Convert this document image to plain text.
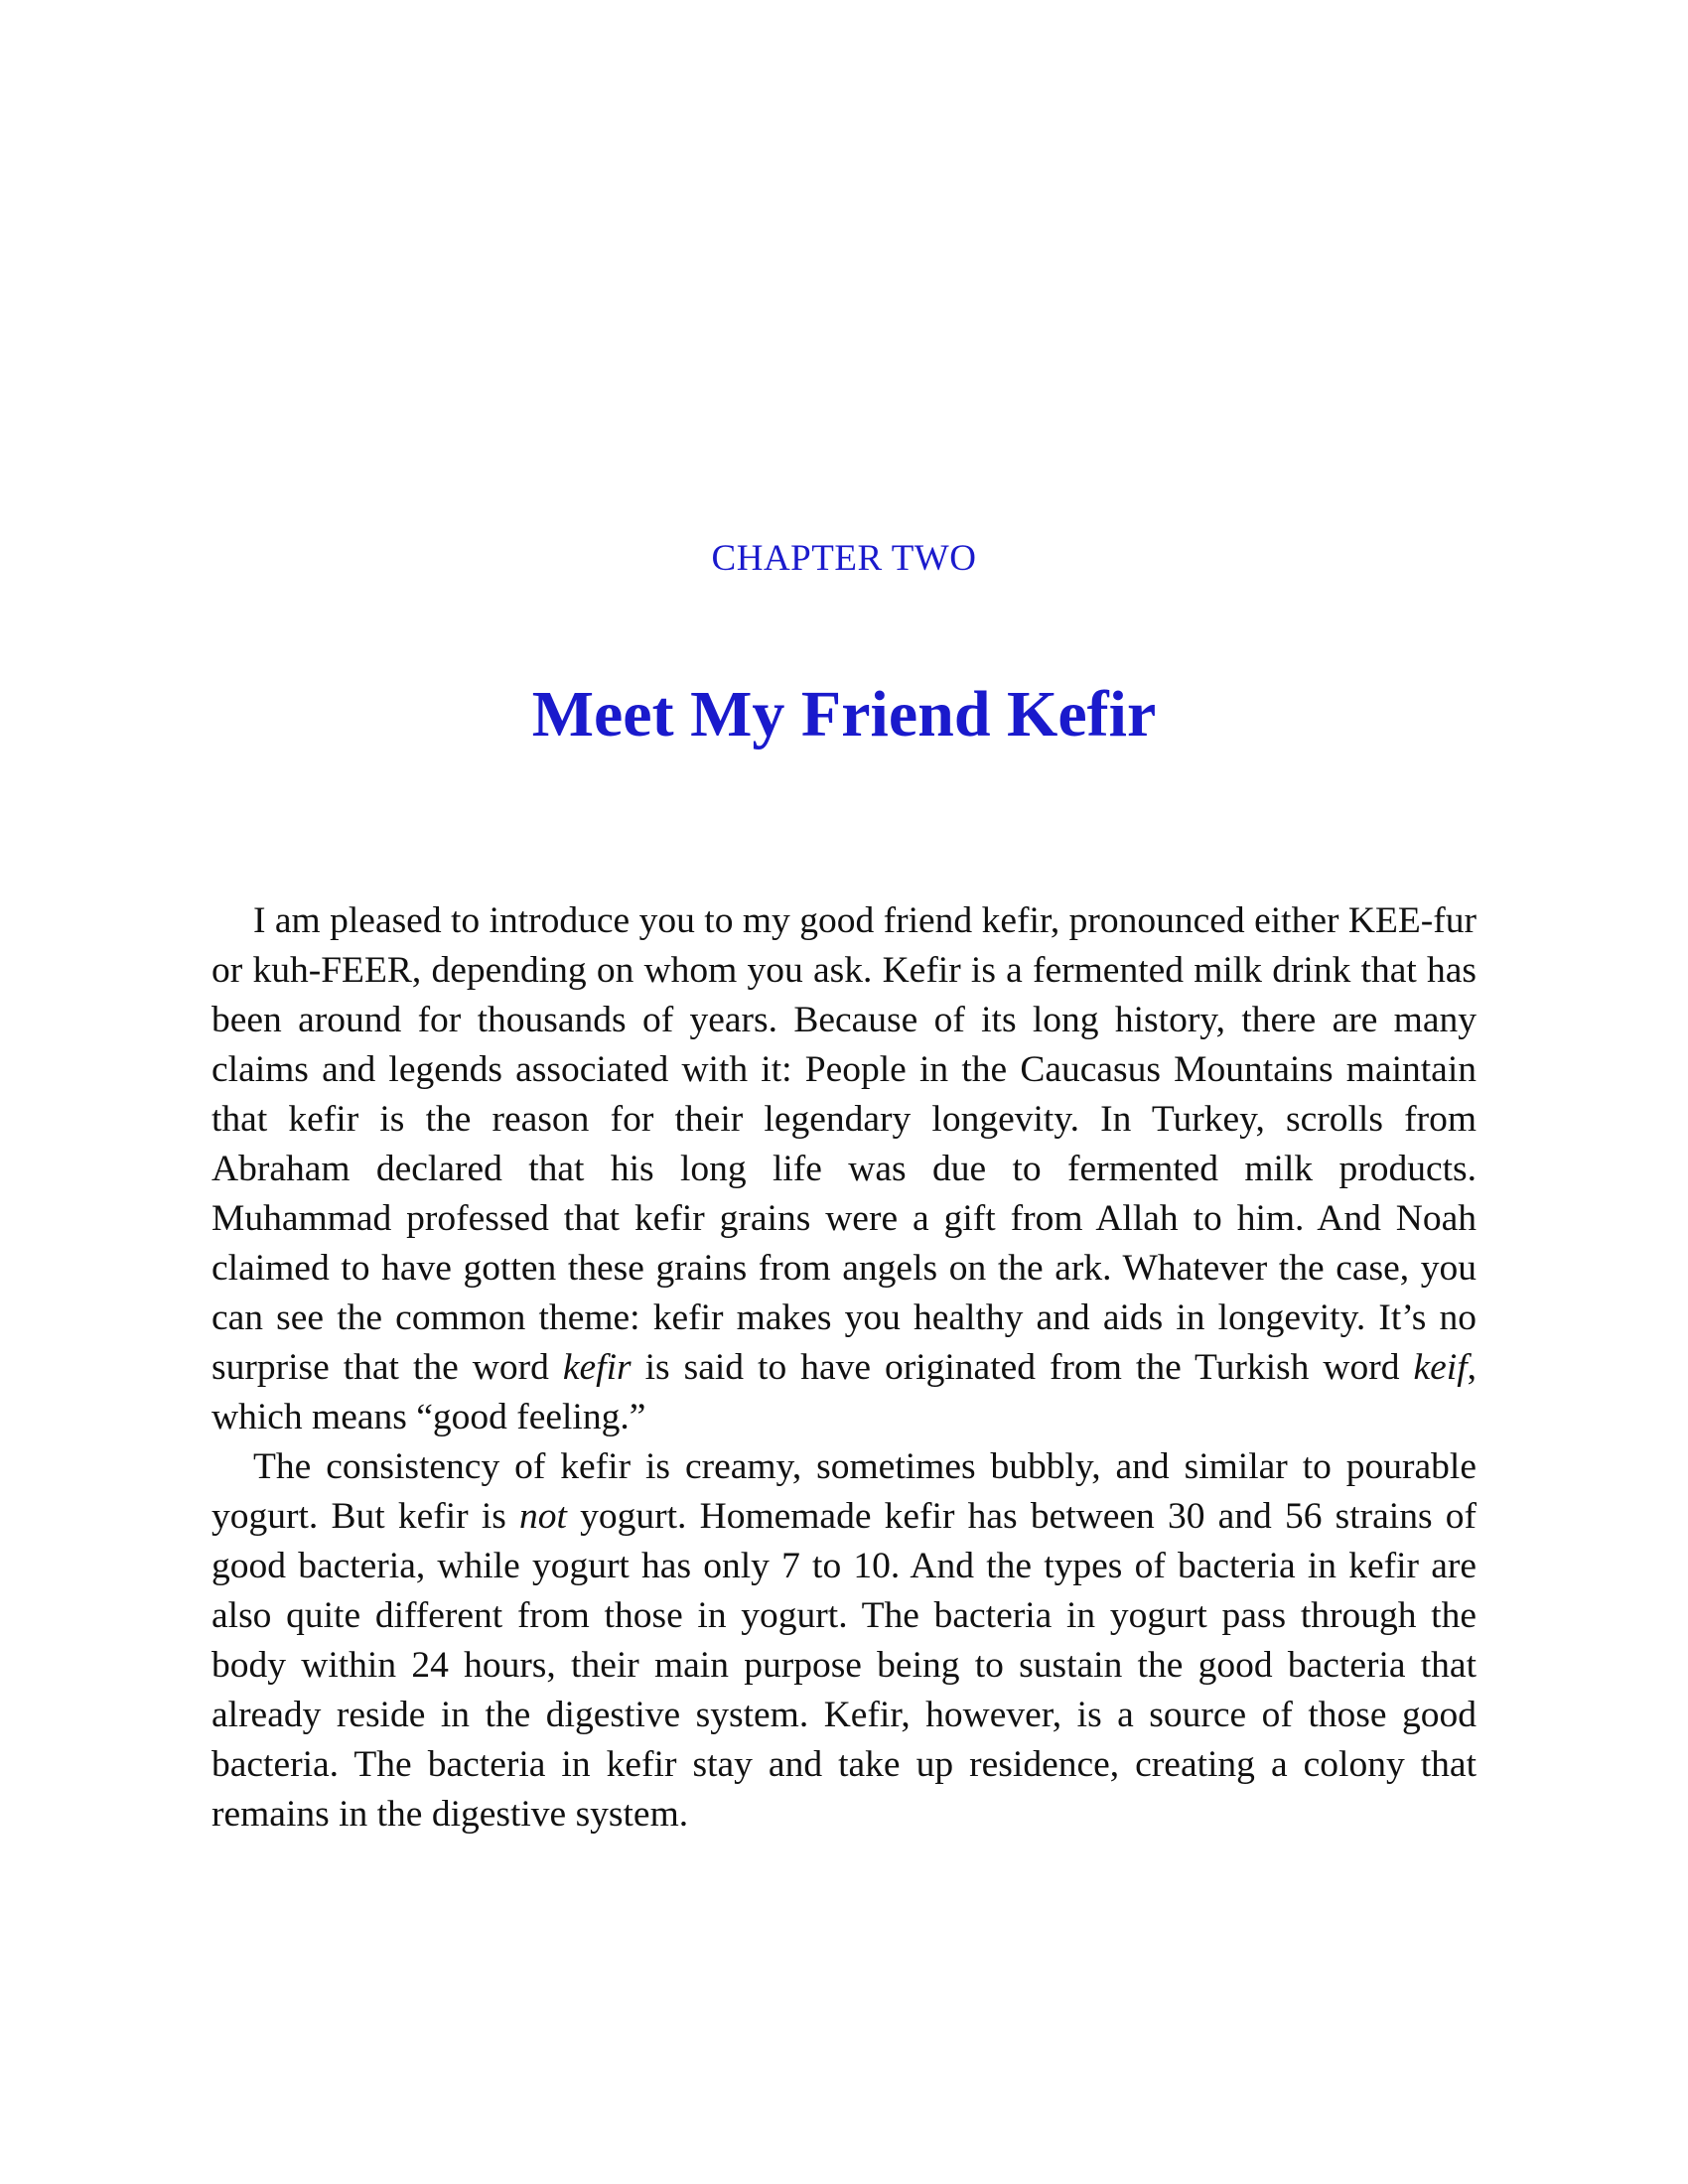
CHAPTER TWO
Meet My Friend Kefir

I am pleased to introduce you to my good friend kefir, pronounced either KEE-fur or kuh-FEER, depending on whom you ask. Kefir is a fermented milk drink that has been around for thousands of years. Because of its long history, there are many claims and legends associated with it: People in the Caucasus Mountains maintain that kefir is the reason for their legendary longevity. In Turkey, scrolls from Abraham declared that his long life was due to fermented milk products. Muhammad professed that kefir grains were a gift from Allah to him. And Noah claimed to have gotten these grains from angels on the ark. Whatever the case, you can see the common theme: kefir makes you healthy and aids in longevity. It’s no surprise that the word kefir is said to have originated from the Turkish word keif, which means “good feeling.”

The consistency of kefir is creamy, sometimes bubbly, and similar to pourable yogurt. But kefir is not yogurt. Homemade kefir has between 30 and 56 strains of good bacteria, while yogurt has only 7 to 10. And the types of bacteria in kefir are also quite different from those in yogurt. The bacteria in yogurt pass through the body within 24 hours, their main purpose being to sustain the good bacteria that already reside in the digestive system. Kefir, however, is a source of those good bacteria. The bacteria in kefir stay and take up residence, creating a colony that remains in the digestive system.
